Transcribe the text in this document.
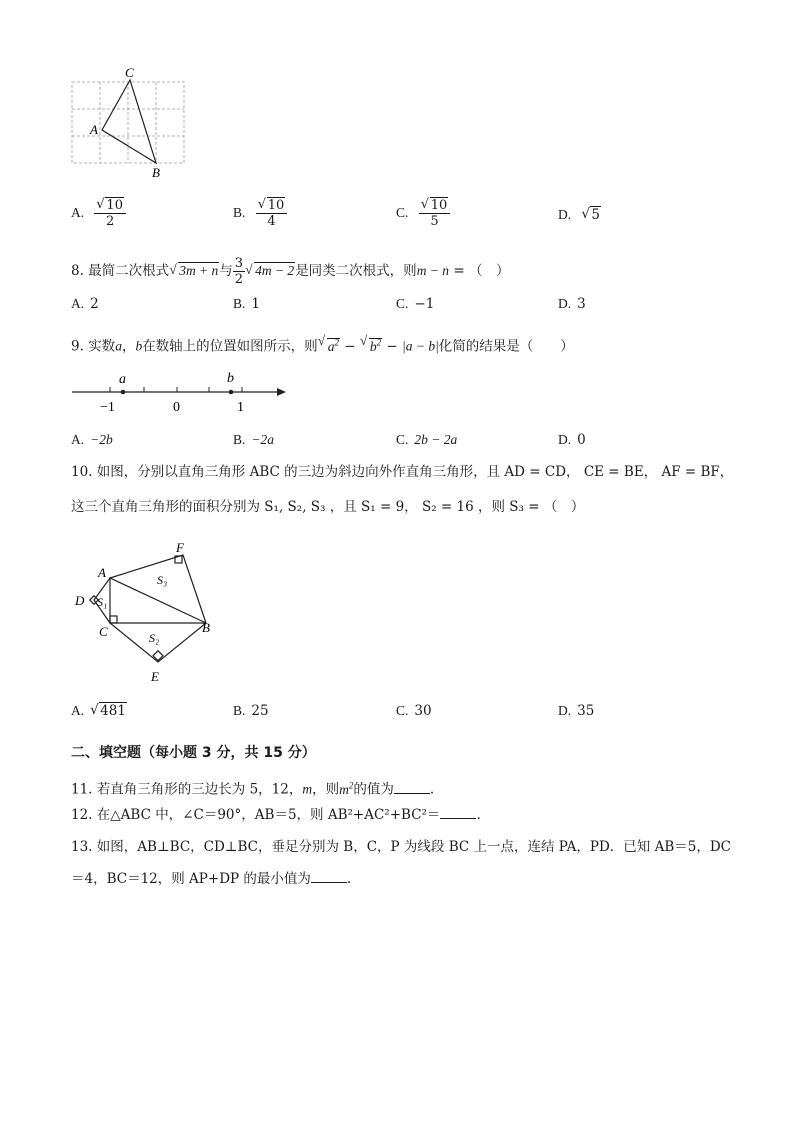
C
A
B
A. √ $\frac{10}{2}$	B. √ $\frac{10}{4}$	C. √ $\frac{10}{5}$	D. √ 5
8. 最简二次根式 √ 3m + n与 $\frac{3}{2}$ √ 4m − 2是同类二次根式，则m − n = （　）
A. 2	B. 1	C. −1	D. 3
9. 实数a，b在数轴上的位置如图所示，则 √ $a^2$ − √ $b^2 - |a - b|$化简的结果是（　　）
a	b
−1	0	1
A. −2b	B. −2a	C. 2b − 2a	D. 0
10. 如图，分别以直角三角形 ABC 的三边为斜边向外作直角三角形，且 AD = CD， CE = BE， AF = BF，
这三个直角三角形的面积分别为 S₁, S₂, S₃ ，且 S₁ = 9， S₂ = 16 ，则 S₃ = （　）
A
B
C
D
E
F
S₁
S₂
S₃
A. √ 481	B. 25	C. 30	D. 35
二、填空题（每小题 3 分，共 15 分）
11. 若直角三角形的三边长为 5，12，m，则$m^2$的值为	.
12. 在△ABC 中，∠C＝90°，AB＝5，则 AB²+AC²+BC²＝	.
13. 如图，AB⊥BC，CD⊥BC，垂足分别为 B，C，P 为线段 BC 上一点，连结 PA，PD．已知 AB＝5，DC
＝4，BC＝12，则 AP+DP 的最小值为	.
